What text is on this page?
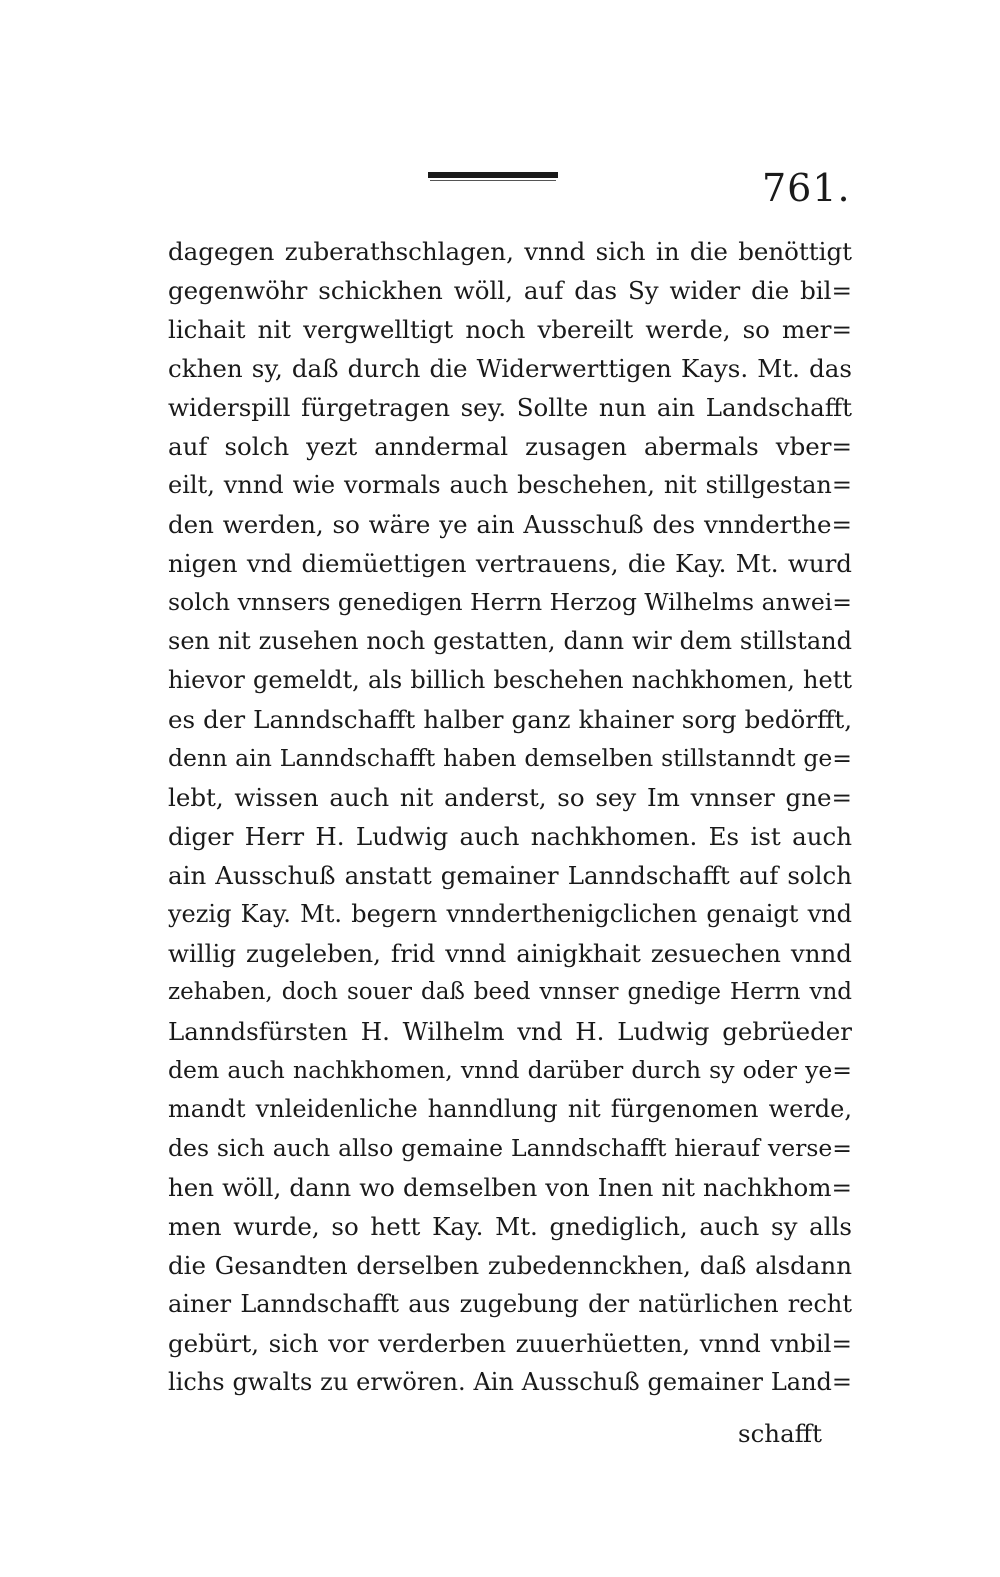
761.
dagegen zuberathschlagen, vnnd sich in die benöttigt
gegenwöhr schickhen wöll, auf das Sy wider die bil=
lichait nit vergwelltigt noch vbereilt werde, so mer=
ckhen sy, daß durch die Widerwerttigen Kays. Mt. das
widerspill fürgetragen sey. Sollte nun ain Landschafft
auf solch yezt anndermal zusagen abermals vber=
eilt, vnnd wie vormals auch beschehen, nit stillgestan=
den werden, so wäre ye ain Ausschuß des vnnderthe=
nigen vnd diemüettigen vertrauens, die Kay. Mt. wurd
solch vnnsers genedigen Herrn Herzog Wilhelms anwei=
sen nit zusehen noch gestatten, dann wir dem stillstand
hievor gemeldt, als billich beschehen nachkhomen, hett
es der Lanndschafft halber ganz khainer sorg bedörfft,
denn ain Lanndschafft haben demselben stillstanndt ge=
lebt, wissen auch nit anderst, so sey Im vnnser gne=
diger Herr H. Ludwig auch nachkhomen. Es ist auch
ain Ausschuß anstatt gemainer Lanndschafft auf solch
yezig Kay. Mt. begern vnnderthenigclichen genaigt vnd
willig zugeleben, frid vnnd ainigkhait zesuechen vnnd
zehaben, doch souer daß beed vnnser gnedige Herrn vnd
Lanndsfürsten H. Wilhelm vnd H. Ludwig gebrüeder
dem auch nachkhomen, vnnd darüber durch sy oder ye=
mandt vnleidenliche hanndlung nit fürgenomen werde,
des sich auch allso gemaine Lanndschafft hierauf verse=
hen wöll, dann wo demselben von Inen nit nachkhom=
men wurde, so hett Kay. Mt. gnediglich, auch sy alls
die Gesandten derselben zubedennckhen, daß alsdann
ainer Lanndschafft aus zugebung der natürlichen recht
gebürt, sich vor verderben zuuerhüetten, vnnd vnbil=
lichs gwalts zu erwören. Ain Ausschuß gemainer Land=
schafft
